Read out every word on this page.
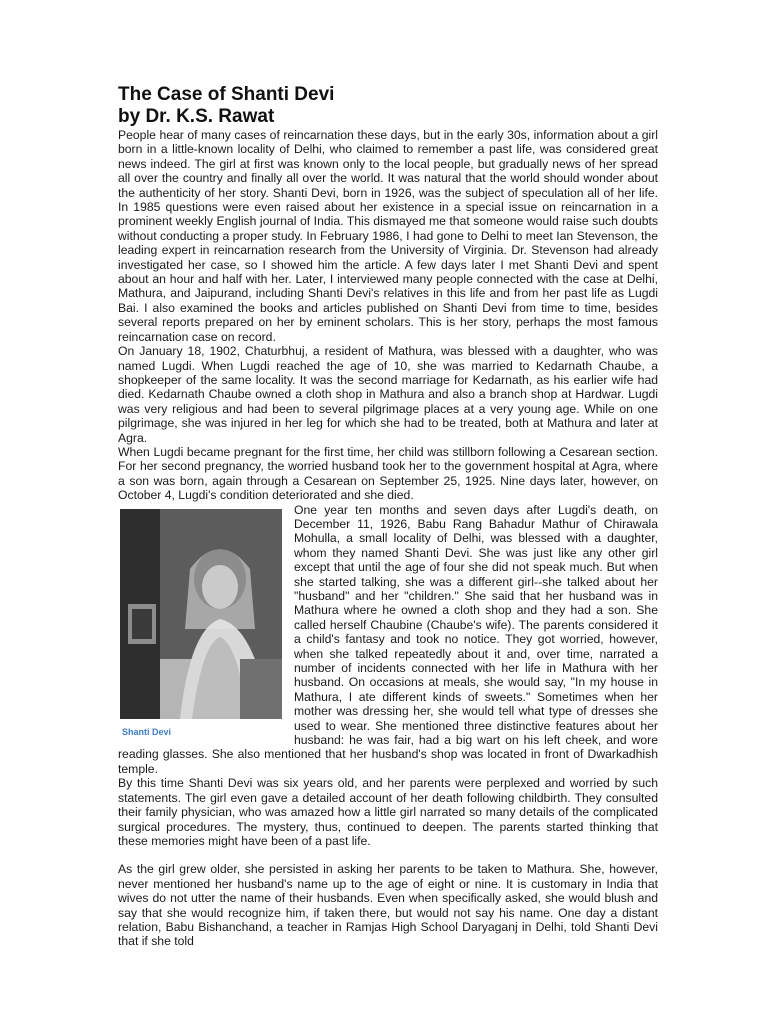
The Case of Shanti Devi
by Dr. K.S. Rawat

People hear of many cases of reincarnation these days, but in the early 30s, information about a girl born in a little-known locality of Delhi, who claimed to remember a past life, was considered great news indeed. The girl at first was known only to the local people, but gradually news of her spread all over the country and finally all over the world. It was natural that the world should wonder about the authenticity of her story. Shanti Devi, born in 1926, was the subject of speculation all of her life. In 1985 questions were even raised about her existence in a special issue on reincarnation in a prominent weekly English journal of India. This dismayed me that someone would raise such doubts without conducting a proper study. In February 1986, I had gone to Delhi to meet Ian Stevenson, the leading expert in reincarnation research from the University of Virginia. Dr. Stevenson had already investigated her case, so I showed him the article. A few days later I met Shanti Devi and spent about an hour and half with her. Later, I interviewed many people connected with the case at Delhi, Mathura, and Jaipurand, including Shanti Devi's relatives in this life and from her past life as Lugdi Bai. I also examined the books and articles published on Shanti Devi from time to time, besides several reports prepared on her by eminent scholars. This is her story, perhaps the most famous reincarnation case on record.

On January 18, 1902, Chaturbhuj, a resident of Mathura, was blessed with a daughter, who was named Lugdi. When Lugdi reached the age of 10, she was married to Kedarnath Chaube, a shopkeeper of the same locality. It was the second marriage for Kedarnath, as his earlier wife had died. Kedarnath Chaube owned a cloth shop in Mathura and also a branch shop at Hardwar. Lugdi was very religious and had been to several pilgrimage places at a very young age. While on one pilgrimage, she was injured in her leg for which she had to be treated, both at Mathura and later at Agra.

When Lugdi became pregnant for the first time, her child was stillborn following a Cesarean section. For her second pregnancy, the worried husband took her to the government hospital at Agra, where a son was born, again through a Cesarean on September 25, 1925. Nine days later, however, on October 4, Lugdi's condition deteriorated and she died.

Shanti Devi

One year ten months and seven days after Lugdi's death, on December 11, 1926, Babu Rang Bahadur Mathur of Chirawala Mohulla, a small locality of Delhi, was blessed with a daughter, whom they named Shanti Devi. She was just like any other girl except that until the age of four she did not speak much. But when she started talking, she was a different girl--she talked about her "husband" and her "children." She said that her husband was in Mathura where he owned a cloth shop and they had a son. She called herself Chaubine (Chaube's wife). The parents considered it a child's fantasy and took no notice. They got worried, however, when she talked repeatedly about it and, over time, narrated a number of incidents connected with her life in Mathura with her husband. On occasions at meals, she would say, "In my house in Mathura, I ate different kinds of sweets." Sometimes when her mother was dressing her, she would tell what type of dresses she used to wear. She mentioned three distinctive features about her husband: he was fair, had a big wart on his left cheek, and wore reading glasses. She also mentioned that her husband's shop was located in front of Dwarkadhish temple.

By this time Shanti Devi was six years old, and her parents were perplexed and worried by such statements. The girl even gave a detailed account of her death following childbirth. They consulted their family physician, who was amazed how a little girl narrated so many details of the complicated surgical procedures. The mystery, thus, continued to deepen. The parents started thinking that these memories might have been of a past life.

As the girl grew older, she persisted in asking her parents to be taken to Mathura. She, however, never mentioned her husband's name up to the age of eight or nine. It is customary in India that wives do not utter the name of their husbands. Even when specifically asked, she would blush and say that she would recognize him, if taken there, but would not say his name. One day a distant relation, Babu Bishanchand, a teacher in Ramjas High School Daryaganj in Delhi, told Shanti Devi that if she told
